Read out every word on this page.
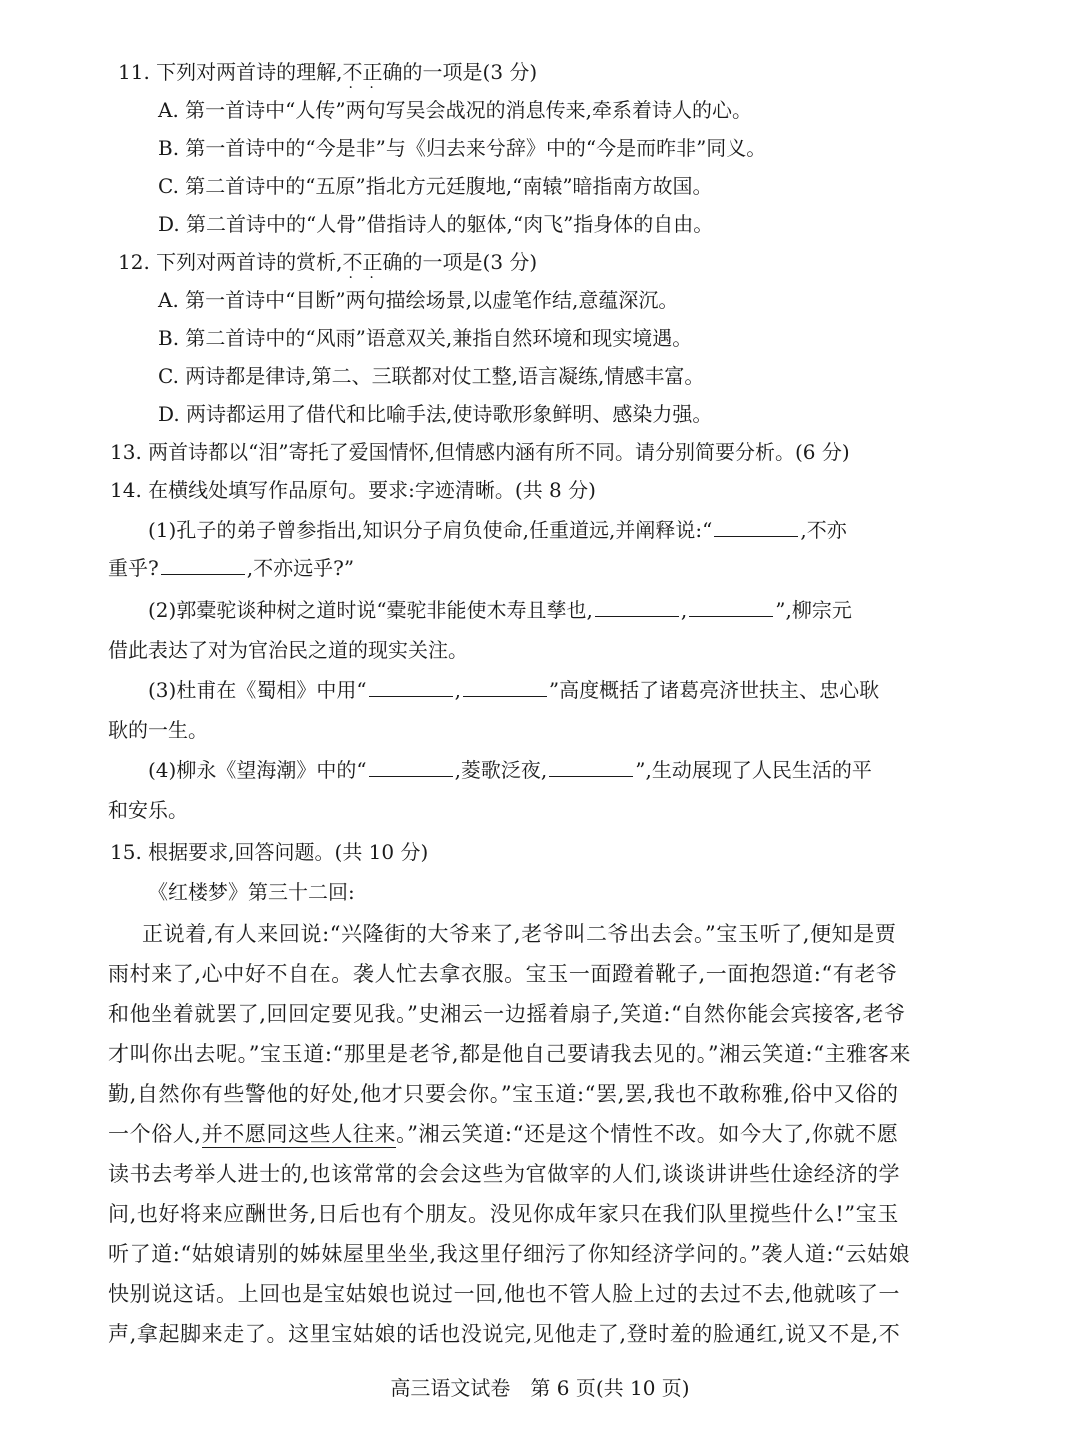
11. 下列对两首诗的理解,不正确 · ·的一项是(3 分)
A. 第一首诗中“人传”两句写吴会战况的消息传来,牵系着诗人的心。
B. 第一首诗中的“今是非”与《归去来兮辞》中的“今是而昨非”同义。
C. 第二首诗中的“五原”指北方元廷腹地,“南辕”暗指南方故国。
D. 第二首诗中的“人骨”借指诗人的躯体,“肉飞”指身体的自由。
12. 下列对两首诗的赏析,不正确 · ·的一项是(3 分)
A. 第一首诗中“目断”两句描绘场景,以虚笔作结,意蕴深沉。
B. 第二首诗中的“风雨”语意双关,兼指自然环境和现实境遇。
C. 两诗都是律诗,第二、三联都对仗工整,语言凝练,情感丰富。
D. 两诗都运用了借代和比喻手法,使诗歌形象鲜明、感染力强。
13. 两首诗都以“泪”寄托了爱国情怀,但情感内涵有所不同。请分别简要分析。(6 分)
14. 在横线处填写作品原句。要求:字迹清晰。(共 8 分)
(1)孔子的弟子曾参指出,知识分子肩负使命,任重道远,并阐释说:“	,不亦
重乎?	,不亦远乎?”
(2)郭橐驼谈种树之道时说“橐驼非能使木寿且孳也,	,	”,柳宗元
借此表达了对为官治民之道的现实关注。
(3)杜甫在《蜀相》中用“	,	”高度概括了诸葛亮济世扶主、忠心耿
耿的一生。
(4)柳永《望海潮》中的“	,菱歌泛夜,	”,生动展现了人民生活的平
和安乐。
15. 根据要求,回答问题。(共 10 分)
《红楼梦》第三十二回:
正说着,有人来回说:“兴隆街的大爷来了,老爷叫二爷出去会。”宝玉听了,便知是贾
雨村来了,心中好不自在。袭人忙去拿衣服。宝玉一面蹬着靴子,一面抱怨道:“有老爷
和他坐着就罢了,回回定要见我。”史湘云一边摇着扇子,笑道:“自然你能会宾接客,老爷
才叫你出去呢。”宝玉道:“那里是老爷,都是他自己要请我去见的。”湘云笑道:“主雅客来
勤,自然你有些警他的好处,他才只要会你。”宝玉道:“罢,罢,我也不敢称雅,俗中又俗的
一个俗人,并不愿同这些人往来。”湘云笑道:“还是这个情性不改。如今大了,你就不愿
读书去考举人进士的,也该常常的会会这些为官做宰的人们,谈谈讲讲些仕途经济的学
问,也好将来应酬世务,日后也有个朋友。没见你成年家只在我们队里搅些什么!”宝玉
听了道:“姑娘请别的姊妹屋里坐坐,我这里仔细污了你知经济学问的。”袭人道:“云姑娘
快别说这话。上回也是宝姑娘也说过一回,他也不管人脸上过的去过不去,他就咳了一
声,拿起脚来走了。这里宝姑娘的话也没说完,见他走了,登时羞的脸通红,说又不是,不
高三语文试卷　第 6 页(共 10 页)
